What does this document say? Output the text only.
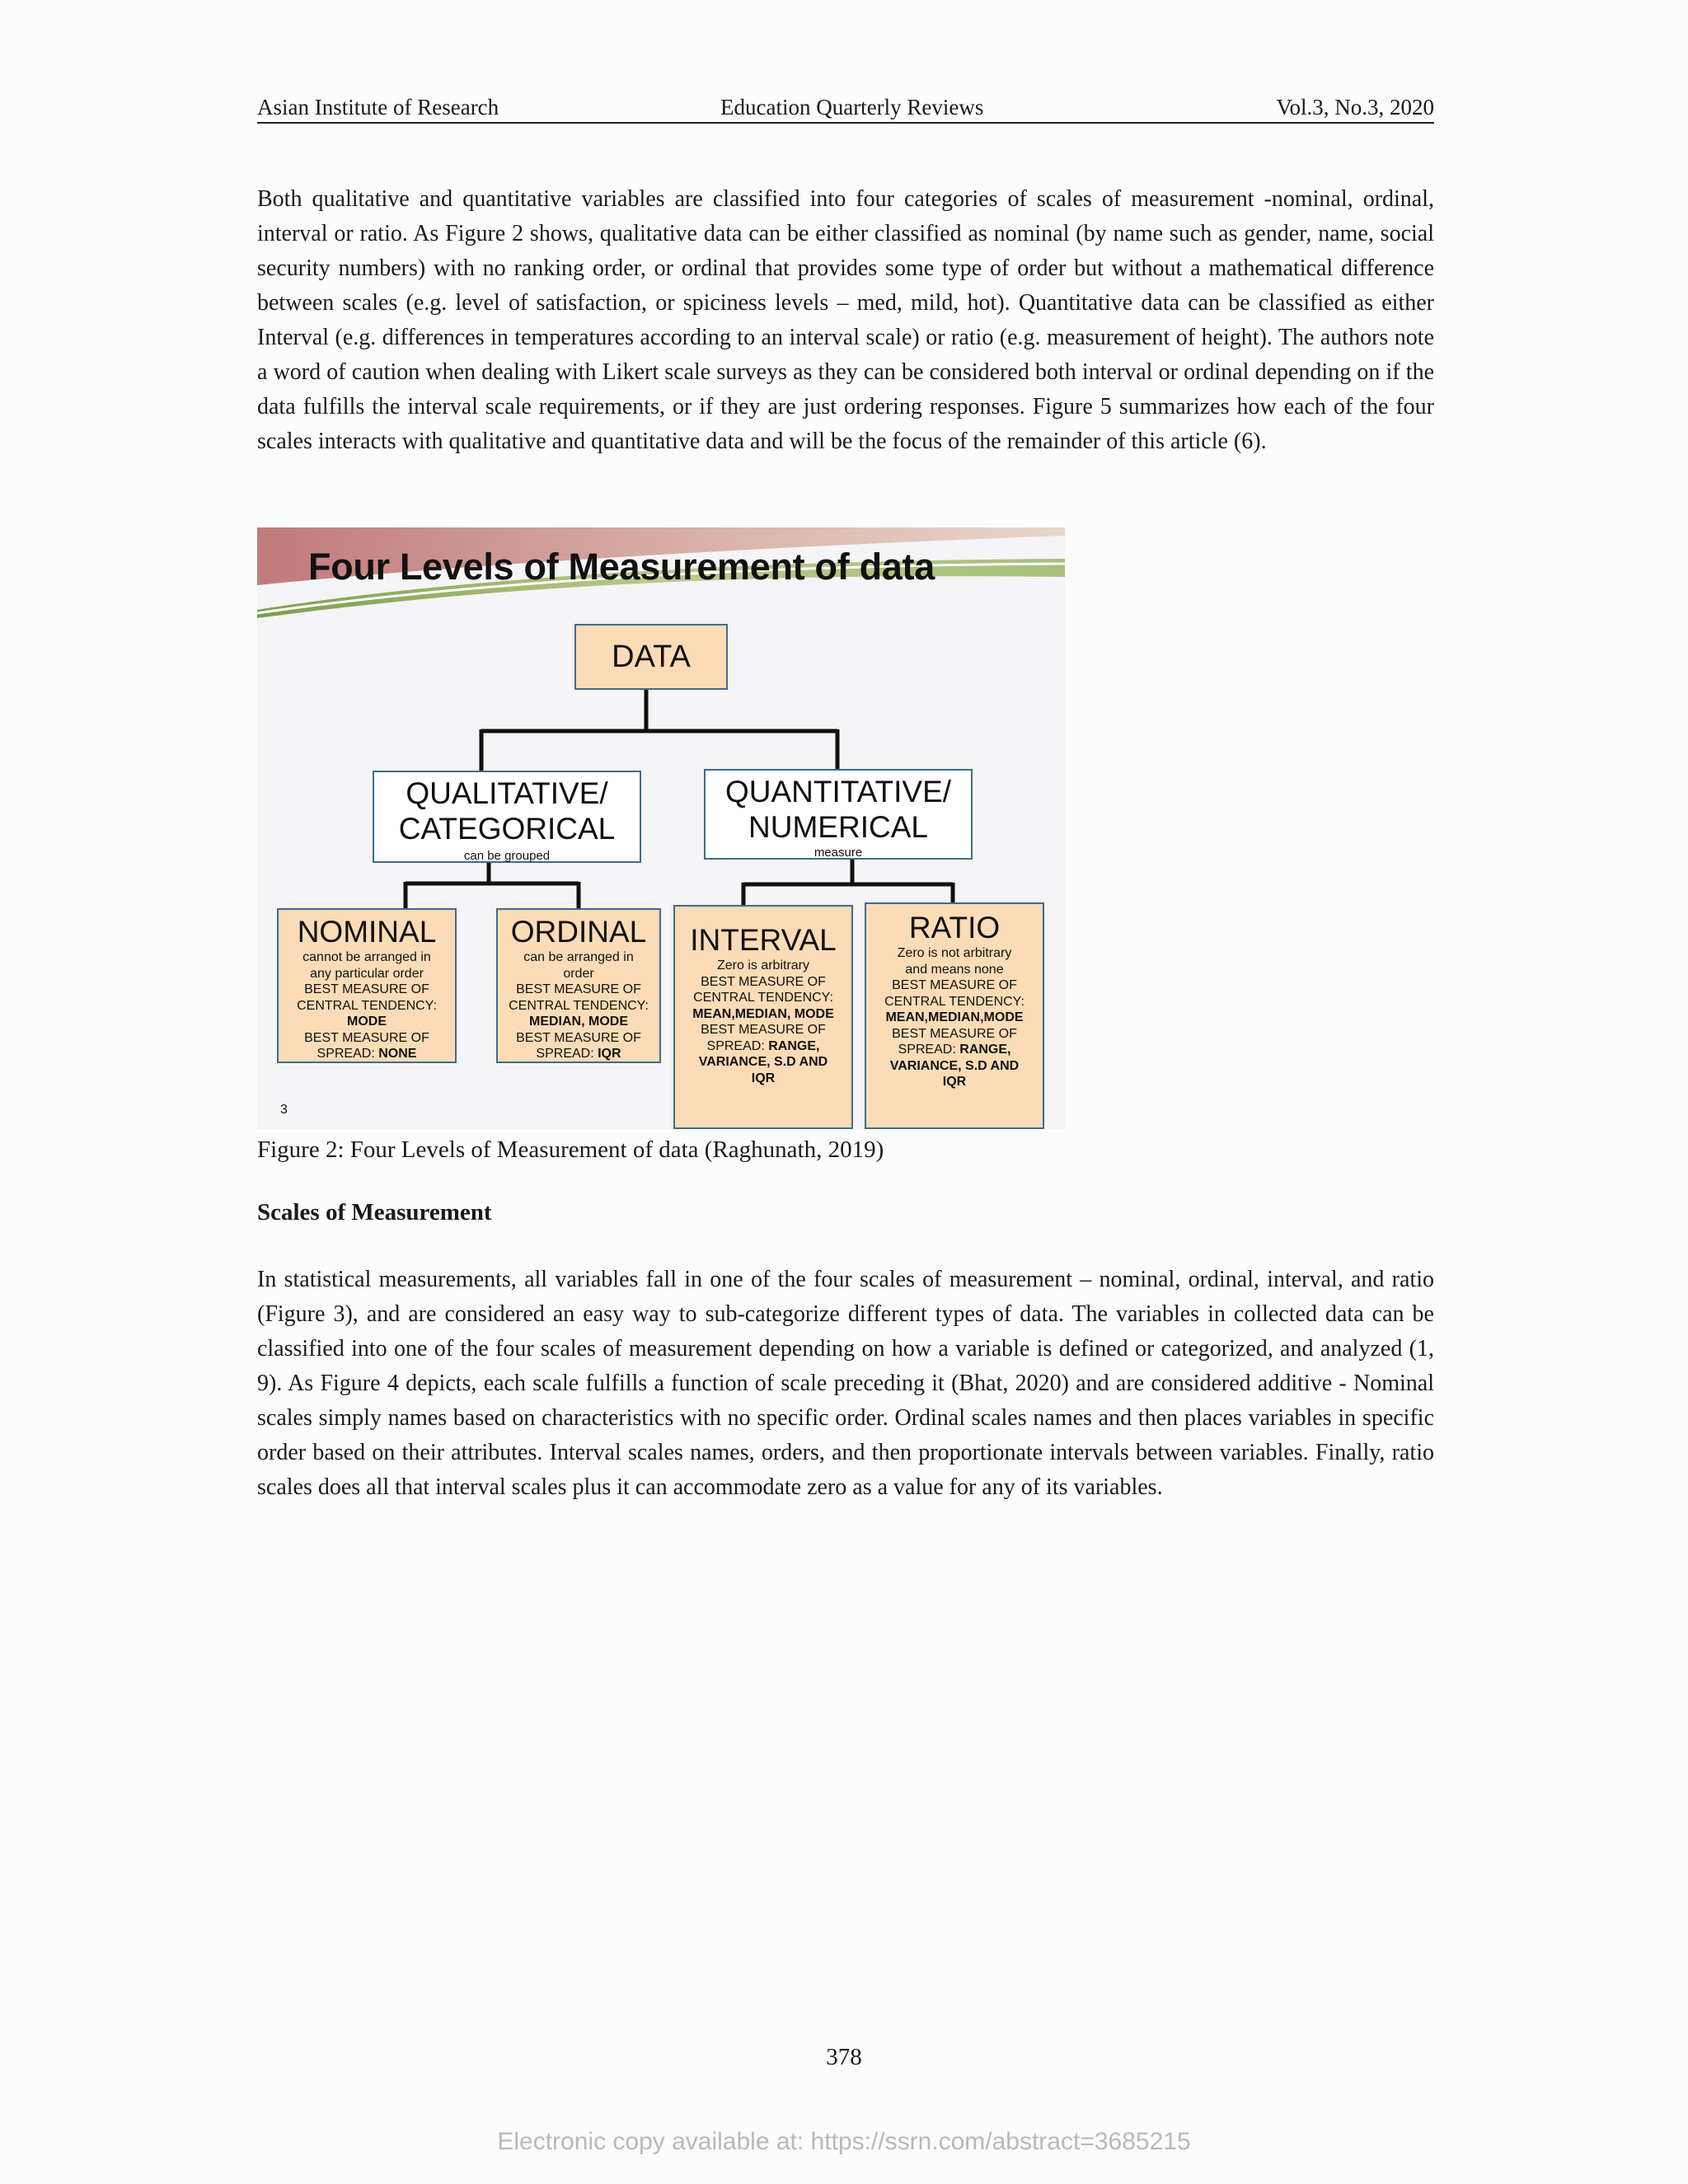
Asian Institute of Research	Education Quarterly Reviews	Vol.3, No.3, 2020

Both qualitative and quantitative variables are classified into four categories of scales of measurement -nominal, ordinal, interval or ratio. As Figure 2 shows, qualitative data can be either classified as nominal (by name such as gender, name, social security numbers) with no ranking order, or ordinal that provides some type of order but without a mathematical difference between scales (e.g. level of satisfaction, or spiciness levels – med, mild, hot). Quantitative data can be classified as either Interval (e.g. differences in temperatures according to an interval scale) or ratio (e.g. measurement of height). The authors note a word of caution when dealing with Likert scale surveys as they can be considered both interval or ordinal depending on if the data fulfills the interval scale requirements, or if they are just ordering responses. Figure 5 summarizes how each of the four scales interacts with qualitative and quantitative data and will be the focus of the remainder of this article (6).

Four Levels of Measurement of data
DATA
QUALITATIVE/
CATEGORICAL
can be grouped
QUANTITATIVE/
NUMERICAL
measure
NOMINAL
cannot be arranged in
any particular order
BEST MEASURE OF
CENTRAL TENDENCY:
MODE
BEST MEASURE OF
SPREAD: NONE
ORDINAL
can be arranged in
order
BEST MEASURE OF
CENTRAL TENDENCY:
MEDIAN, MODE
BEST MEASURE OF
SPREAD: IQR
INTERVAL
Zero is arbitrary
BEST MEASURE OF
CENTRAL TENDENCY:
MEAN,MEDIAN, MODE
BEST MEASURE OF
SPREAD: RANGE,
VARIANCE, S.D AND
IQR
RATIO
Zero is not arbitrary
and means none
BEST MEASURE OF
CENTRAL TENDENCY:
MEAN,MEDIAN,MODE
BEST MEASURE OF
SPREAD: RANGE,
VARIANCE, S.D AND
IQR
3
Figure 2: Four Levels of Measurement of data (Raghunath, 2019)
Scales of Measurement

In statistical measurements, all variables fall in one of the four scales of measurement – nominal, ordinal, interval, and ratio (Figure 3), and are considered an easy way to sub-categorize different types of data. The variables in collected data can be classified into one of the four scales of measurement depending on how a variable is defined or categorized, and analyzed (1, 9). As Figure 4 depicts, each scale fulfills a function of scale preceding it (Bhat, 2020) and are considered additive - Nominal scales simply names based on characteristics with no specific order. Ordinal scales names and then places variables in specific order based on their attributes. Interval scales names, orders, and then proportionate intervals between variables. Finally, ratio scales does all that interval scales plus it can accommodate zero as a value for any of its variables.

378
Electronic copy available at: https://ssrn.com/abstract=3685215
